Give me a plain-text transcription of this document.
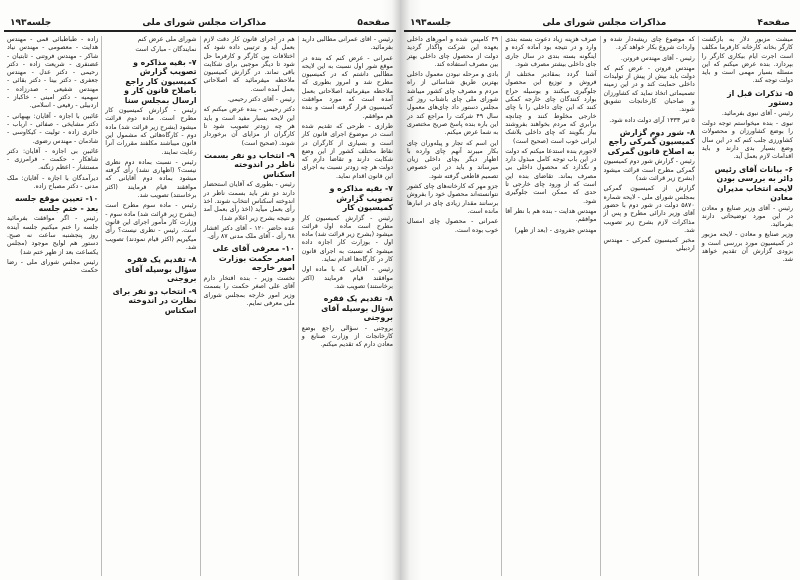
صفحه۵
مذاکرات مجلس شورای ملی
جلسه۱۹۳

رئیس - آقای عمرانی مطالبی دارید بفرمائید.

عمرانی - عرض کنم که بنده در موقع شور اول نسبت به این لایحه مطالبی داشتم که در کمیسیون مطرح شد و امروز بطوری که ملاحظه میفرمائید اصلاحاتی بعمل آمده است که مورد موافقت کمیسیون قرار گرفته است و بنده هم موافقم.

طرازی - طرحی که تقدیم شده است در موضوع اجرای قانون کار است و بسیاری از کارگران در نقاط مختلف کشور از این وضع شکایت دارند و تقاضا دارم که دولت هر چه زودتر نسبت به اجرای این قانون اقدام نماید.

۷- بقیه مذاکره و تصویب گزارش کمیسیون کار

رئیس - گزارش کمیسیون کار مطرح است ماده اول قرائت میشود (بشرح زیر قرائت شد) ماده اول - بوزارت کار اجازه داده میشود که نسبت به اجرای قانون کار در کارگاه‌ها اقدام نماید.

رئیس - آقایانی که با ماده اول موافقند قیام فرمایند (اکثر برخاستند) تصویب شد.

۸- تقدیم یک فقره سؤال بوسیله آقای بروجنی

بروجنی - سؤالی راجع بوضع کارخانجات از وزارت صنایع و معادن دارم که تقدیم میکنم.

هم در اجرای قانون کار دقت لازم بعمل آید و ترتیبی داده شود که اختلافات بین کارگر و کارفرما حل شود تا دیگر موجبی برای شکایت باقی نماند. در گزارش کمیسیون ملاحظه میفرمائید که اصلاحاتی بعمل آمده است.

رئیس - آقای دکتر رحیمی.

دکتر رحیمی - بنده عرض میکنم که این لایحه بسیار مفید است و باید هر چه زودتر تصویب شود تا کارگران از مزایای آن برخوردار شوند. (صحیح است)

۹- انتخاب دو نفر بسمت ناظر در اندوخته اسکناس

رئیس - بطوری که آقایان استحضار دارند دو نفر باید بسمت ناظر در اندوخته اسکناس انتخاب شوند. اخذ رأی بعمل میآید (اخذ رأی بعمل آمد و نتیجه بشرح زیر اعلام شد).

عده حاضر ۱۲۰ - آقای دکتر افشار ۹۸ رأی - آقای ملک مدنی ۸۷ رأی.

۱۰- معرفی آقای علی اصغر حکمت بوزارت امور خارجه

نخست وزیر - بنده افتخار دارم آقای علی اصغر حکمت را بسمت وزیر امور خارجه بمجلس شورای ملی معرفی نمایم.

شورای ملی عرض کنم

نمایندگان - مبارک است

۷- بقیه مذاکره و تصویب گزارش کمیسیون کار راجع باصلاح قانون کار و ارسال بمجلس سنا

رئیس - گزارش کمیسیون کار مطرح است. ماده دوم قرائت میشود (بشرح زیر قرائت شد) ماده دوم - کارگاه‌هائی که مشمول این قانون میباشند مکلفند مقررات آنرا رعایت نمایند.

رئیس - نسبت بماده دوم نظری نیست؟ (اظهاری نشد) رأی گرفته میشود بماده دوم آقایانی که موافقند قیام فرمایند (اکثر برخاستند) تصویب شد.

رئیس - ماده سوم مطرح است (بشرح زیر قرائت شد) ماده سوم - وزارت کار مأمور اجرای این قانون است. رئیس - نظری نیست؟ رأی میگیریم (اکثر قیام نمودند) تصویب شد.

۸- تقدیم یک فقره سؤال بوسیله آقای بروجنی
۹- انتخاب دو نفر برای نظارت در اندوخته اسکناس

زاده - طباطبائی قمی - مهندس هدایت - معصومی - مهندس نیاد شاکر - مهندس فروتنی - ثابتیان - غضنفری - شریعت زاده - دکتر رحیمی - دکتر عدل - مهندس جعفری - دکتر بینا - دکتر بقائی - مهندس شفیعی - صدرزاده - سهمیه - دکتر امینی - خاکباز - اردبیلی - رفیعی - اسلامی.

غائبین با اجازه - آقایان: بهبهانی - دکتر مشایخی - صفائی - ارباب - حائری زاده - تولیت - کیکاوسی - شادمان - مهندس رضوی.

غائبین بی اجازه - آقایان: دکتر شاهکار - حکمت - فرامرزی - مستشار - اعظم زنگنه.

دیرآمدگان با اجازه - آقایان: ملک مدنی - دکتر مصباح زاده.

۱۰- تعیین موقع جلسه بعد - ختم جلسه

رئیس - اگر موافقت بفرمائید جلسه را ختم میکنیم جلسه آینده روز پنجشنبه ساعت نه صبح. دستور هم لوایح موجود (مجلس یکساعت بعد از ظهر ختم شد)

رئیس مجلس شورای ملی - رضا حکمت

صفحه۴
مذاکرات مجلس شورای ملی
جلسه۱۹۳

میشت مزبور دلار به بازگشت کارگر بخانه کارخانه کارفرما مکلف است اجرت ایام بیکاری کارگر را بپردازد. بنده عرض میکنم که این مسئله بسیار مهمی است و باید دولت توجه کند.

۵- تذکرات قبل از دستور

رئیس - آقای نبوی بفرمائید.

نبوی - بنده میخواستم توجه دولت را بوضع کشاورزان و محصولات کشاورزی جلب کنم که در این سال وضع بسیار بدی دارند و باید اقدامات لازم بعمل آید.

۶- بیانات آقای رئیس دائر به بررسی بودن لایحه انتخاب مدیران معادن

رئیس - آقای وزیر صنایع و معادن در این مورد توضیحاتی دارند بفرمائید.

وزیر صنایع و معادن - لایحه مزبور در کمیسیون مورد بررسی است و بزودی گزارش آن تقدیم خواهد شد.

که موضوع چای ریشه‌دار شده و واردات شروع بکار خواهد کرد.

رئیس - آقای مهندس فروتن.

مهندس فروتن - عرض کنم که دولت باید بیش از پیش از تولیدات داخلی حمایت کند و در این زمینه تصمیماتی اتخاذ نماید که کشاورزان و صاحبان کارخانجات تشویق شوند.

۵ تیر ۱۳۳۳ آرای دولت داده شود.

۸- شور دوم گزارش کمیسیون گمرکی راجع به اصلاح قانون گمرکی

رئیس - گزارش شور دوم کمیسیون گمرکی مطرح است قرائت میشود (بشرح زیر قرائت شد)

گزارش از کمیسیون گمرکی بمجلس شورای ملی - لایحه شماره ۵۸۷۰ دولت در شور دوم با حضور آقای وزیر دارائی مطرح و پس از مذاکرات لازم بشرح زیر تصویب شد.

مخبر کمیسیون گمرکی - مهندس اردبیلی

صرف هزینه زیاد دعوت بسته بندی وارد و در نتیجه بود آماده کرده و اینگونه بسته بندی در سال جاری جای داخلی بیشتر مصرف شود.

آشنا گردد بمقادیر مختلف از فروش و توزیع این محصول جلوگیری میکنند و بوسیله حراج بوارد کنندگان چای خارجه کمکی کنند که این چای داخلی را با چای خارجی مخلوط کنند و چنانچه برابری که مردم بخواهند بفروشند بیاز بگویند که چای داخلی بلاشک ایرانی خوب است (صحیح است)

لاجورم بنده استدعا میکنم که دولت در این باب توجه کامل مبذول دارد و نگذارد که محصول داخلی بی مصرف بماند. تقاضای بنده این است که از ورود چای خارجی تا حدی که ممکن است جلوگیری شود.

مهندس هدایت - بنده هم با نظر آقا موافقم.

مهندس جفرودی - (بعد از ظهر)

۴۹ کامپس شده و امورهای داخلی بعهده این شرکت واگذار گردید دولت از محصول چای داخلی بهتر بین مصرف استفاده کند.

بادی و مرحله نبودن معمول داخلی بهترین طریق شناسائی از راه مردم و مصرف چای کشور میباشد شورای ملی چای باشتاب روز که مجلس دستور داد چای‌های معمول سال ۴۹ شرکت را مراجع کند در این باره بنده پاسخ صریح مختصری به شما عرض میکنم.

این اسم که تجار و پیله‌وران چای بکار میبرند آنهم چای وارده با اظهار دیگر بچای داخلی زیان میرساند و باید در این خصوص تصمیم قاطعی گرفته شود.

جزو مهر که کارخانه‌های چای کشور نتوانسته‌اند محصول خود را بفروش برسانند مقدار زیادی چای در انبارها مانده است.

عمرانی - محصول چای امسال خوب بوده است.
